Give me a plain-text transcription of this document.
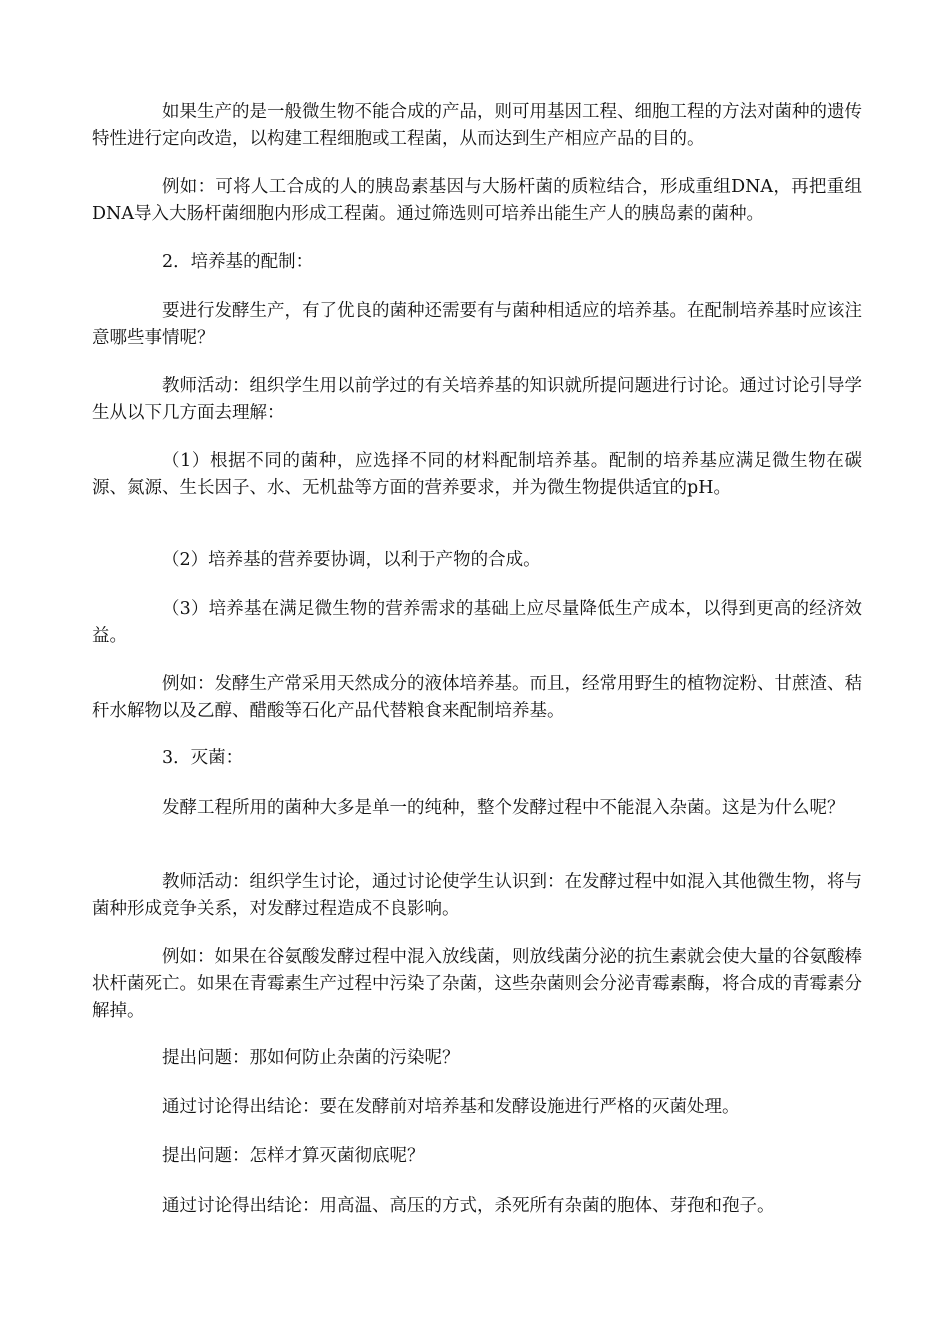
如果生产的是一般微生物不能合成的产品，则可用基因工程、细胞工程的方法对菌种的遗传特性进行定向改造，以构建工程细胞或工程菌，从而达到生产相应产品的目的。

例如：可将人工合成的人的胰岛素基因与大肠杆菌的质粒结合，形成重组DNA，再把重组DNA导入大肠杆菌细胞内形成工程菌。通过筛选则可培养出能生产人的胰岛素的菌种。

2．培养基的配制：

要进行发酵生产，有了优良的菌种还需要有与菌种相适应的培养基。在配制培养基时应该注意哪些事情呢？

教师活动：组织学生用以前学过的有关培养基的知识就所提问题进行讨论。通过讨论引导学生从以下几方面去理解：

（1）根据不同的菌种，应选择不同的材料配制培养基。配制的培养基应满足微生物在碳源、氮源、生长因子、水、无机盐等方面的营养要求，并为微生物提供适宜的pH。

（2）培养基的营养要协调，以利于产物的合成。

（3）培养基在满足微生物的营养需求的基础上应尽量降低生产成本，以得到更高的经济效益。

例如：发酵生产常采用天然成分的液体培养基。而且，经常用野生的植物淀粉、甘蔗渣、秸秆水解物以及乙醇、醋酸等石化产品代替粮食来配制培养基。

3．灭菌：

发酵工程所用的菌种大多是单一的纯种，整个发酵过程中不能混入杂菌。这是为什么呢？

教师活动：组织学生讨论，通过讨论使学生认识到：在发酵过程中如混入其他微生物，将与菌种形成竞争关系，对发酵过程造成不良影响。

例如：如果在谷氨酸发酵过程中混入放线菌，则放线菌分泌的抗生素就会使大量的谷氨酸棒状杆菌死亡。如果在青霉素生产过程中污染了杂菌，这些杂菌则会分泌青霉素酶，将合成的青霉素分解掉。

提出问题：那如何防止杂菌的污染呢？

通过讨论得出结论：要在发酵前对培养基和发酵设施进行严格的灭菌处理。

提出问题：怎样才算灭菌彻底呢？

通过讨论得出结论：用高温、高压的方式，杀死所有杂菌的胞体、芽孢和孢子。
